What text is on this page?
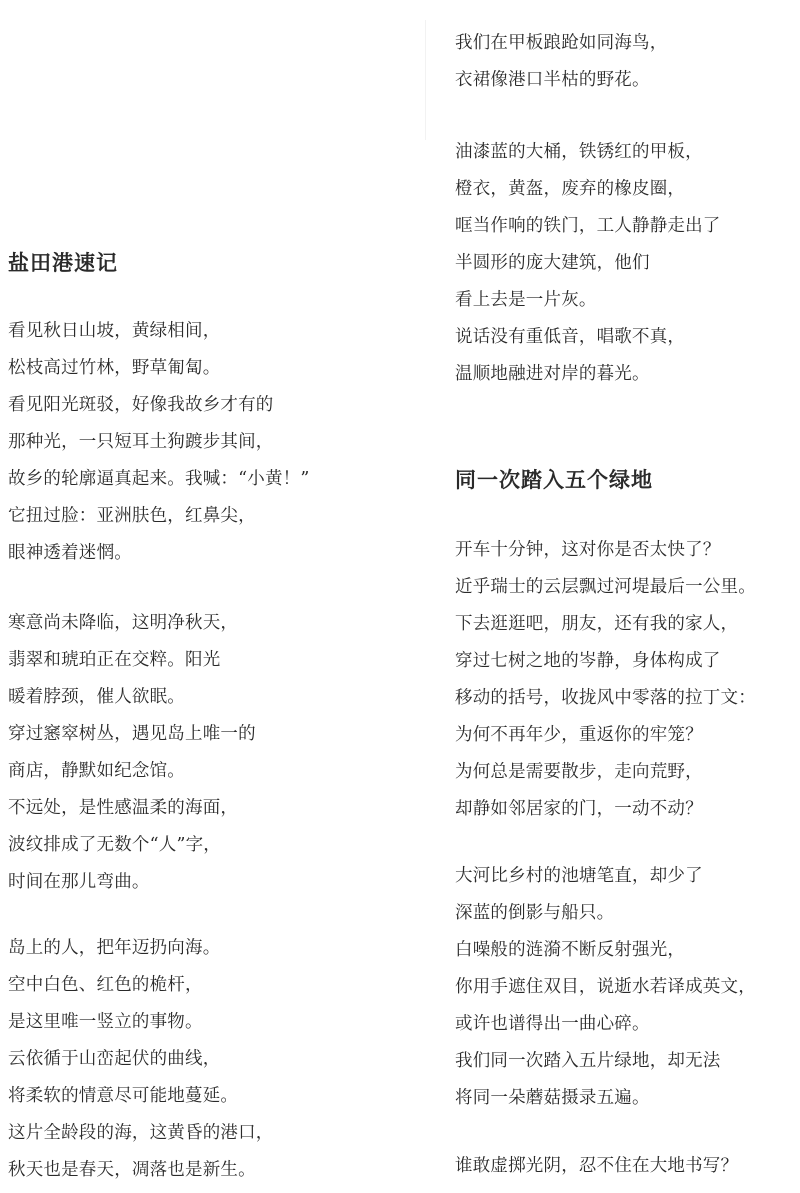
盐田港速记
看见秋日山坡，黄绿相间，
松枝高过竹林，野草匍匐。
看见阳光斑驳，好像我故乡才有的
那种光，一只短耳土狗踱步其间，
故乡的轮廓逼真起来。我喊：“小黄！”
它扭过脸：亚洲肤色，红鼻尖，
眼神透着迷惘。
寒意尚未降临，这明净秋天，
翡翠和琥珀正在交粹。阳光
暖着脖颈，催人欲眠。
穿过窸窣树丛，遇见岛上唯一的
商店，静默如纪念馆。
不远处，是性感温柔的海面，
波纹排成了无数个“人”字，
时间在那儿弯曲。
岛上的人，把年迈扔向海。
空中白色、红色的桅杆，
是这里唯一竖立的事物。
云依循于山峦起伏的曲线，
将柔软的情意尽可能地蔓延。
这片全龄段的海，这黄昏的港口，
秋天也是春天，凋落也是新生。
我们在甲板踉跄如同海鸟，
衣裙像港口半枯的野花。
油漆蓝的大桶，铁锈红的甲板，
橙衣，黄盔，废弃的橡皮圈，
哐当作响的铁门，工人静静走出了
半圆形的庞大建筑，他们
看上去是一片灰。
说话没有重低音，唱歌不真，
温顺地融进对岸的暮光。
同一次踏入五个绿地
开车十分钟，这对你是否太快了？
近乎瑞士的云层飘过河堤最后一公里。
下去逛逛吧，朋友，还有我的家人，
穿过七树之地的岑静，身体构成了
移动的括号，收拢风中零落的拉丁文：
为何不再年少，重返你的牢笼？
为何总是需要散步，走向荒野，
却静如邻居家的门，一动不动？
大河比乡村的池塘笔直，却少了
深蓝的倒影与船只。
白噪般的涟漪不断反射强光，
你用手遮住双目，说逝水若译成英文，
或许也谱得出一曲心碎。
我们同一次踏入五片绿地，却无法
将同一朵蘑菇摄录五遍。
谁敢虚掷光阴，忍不住在大地书写？
